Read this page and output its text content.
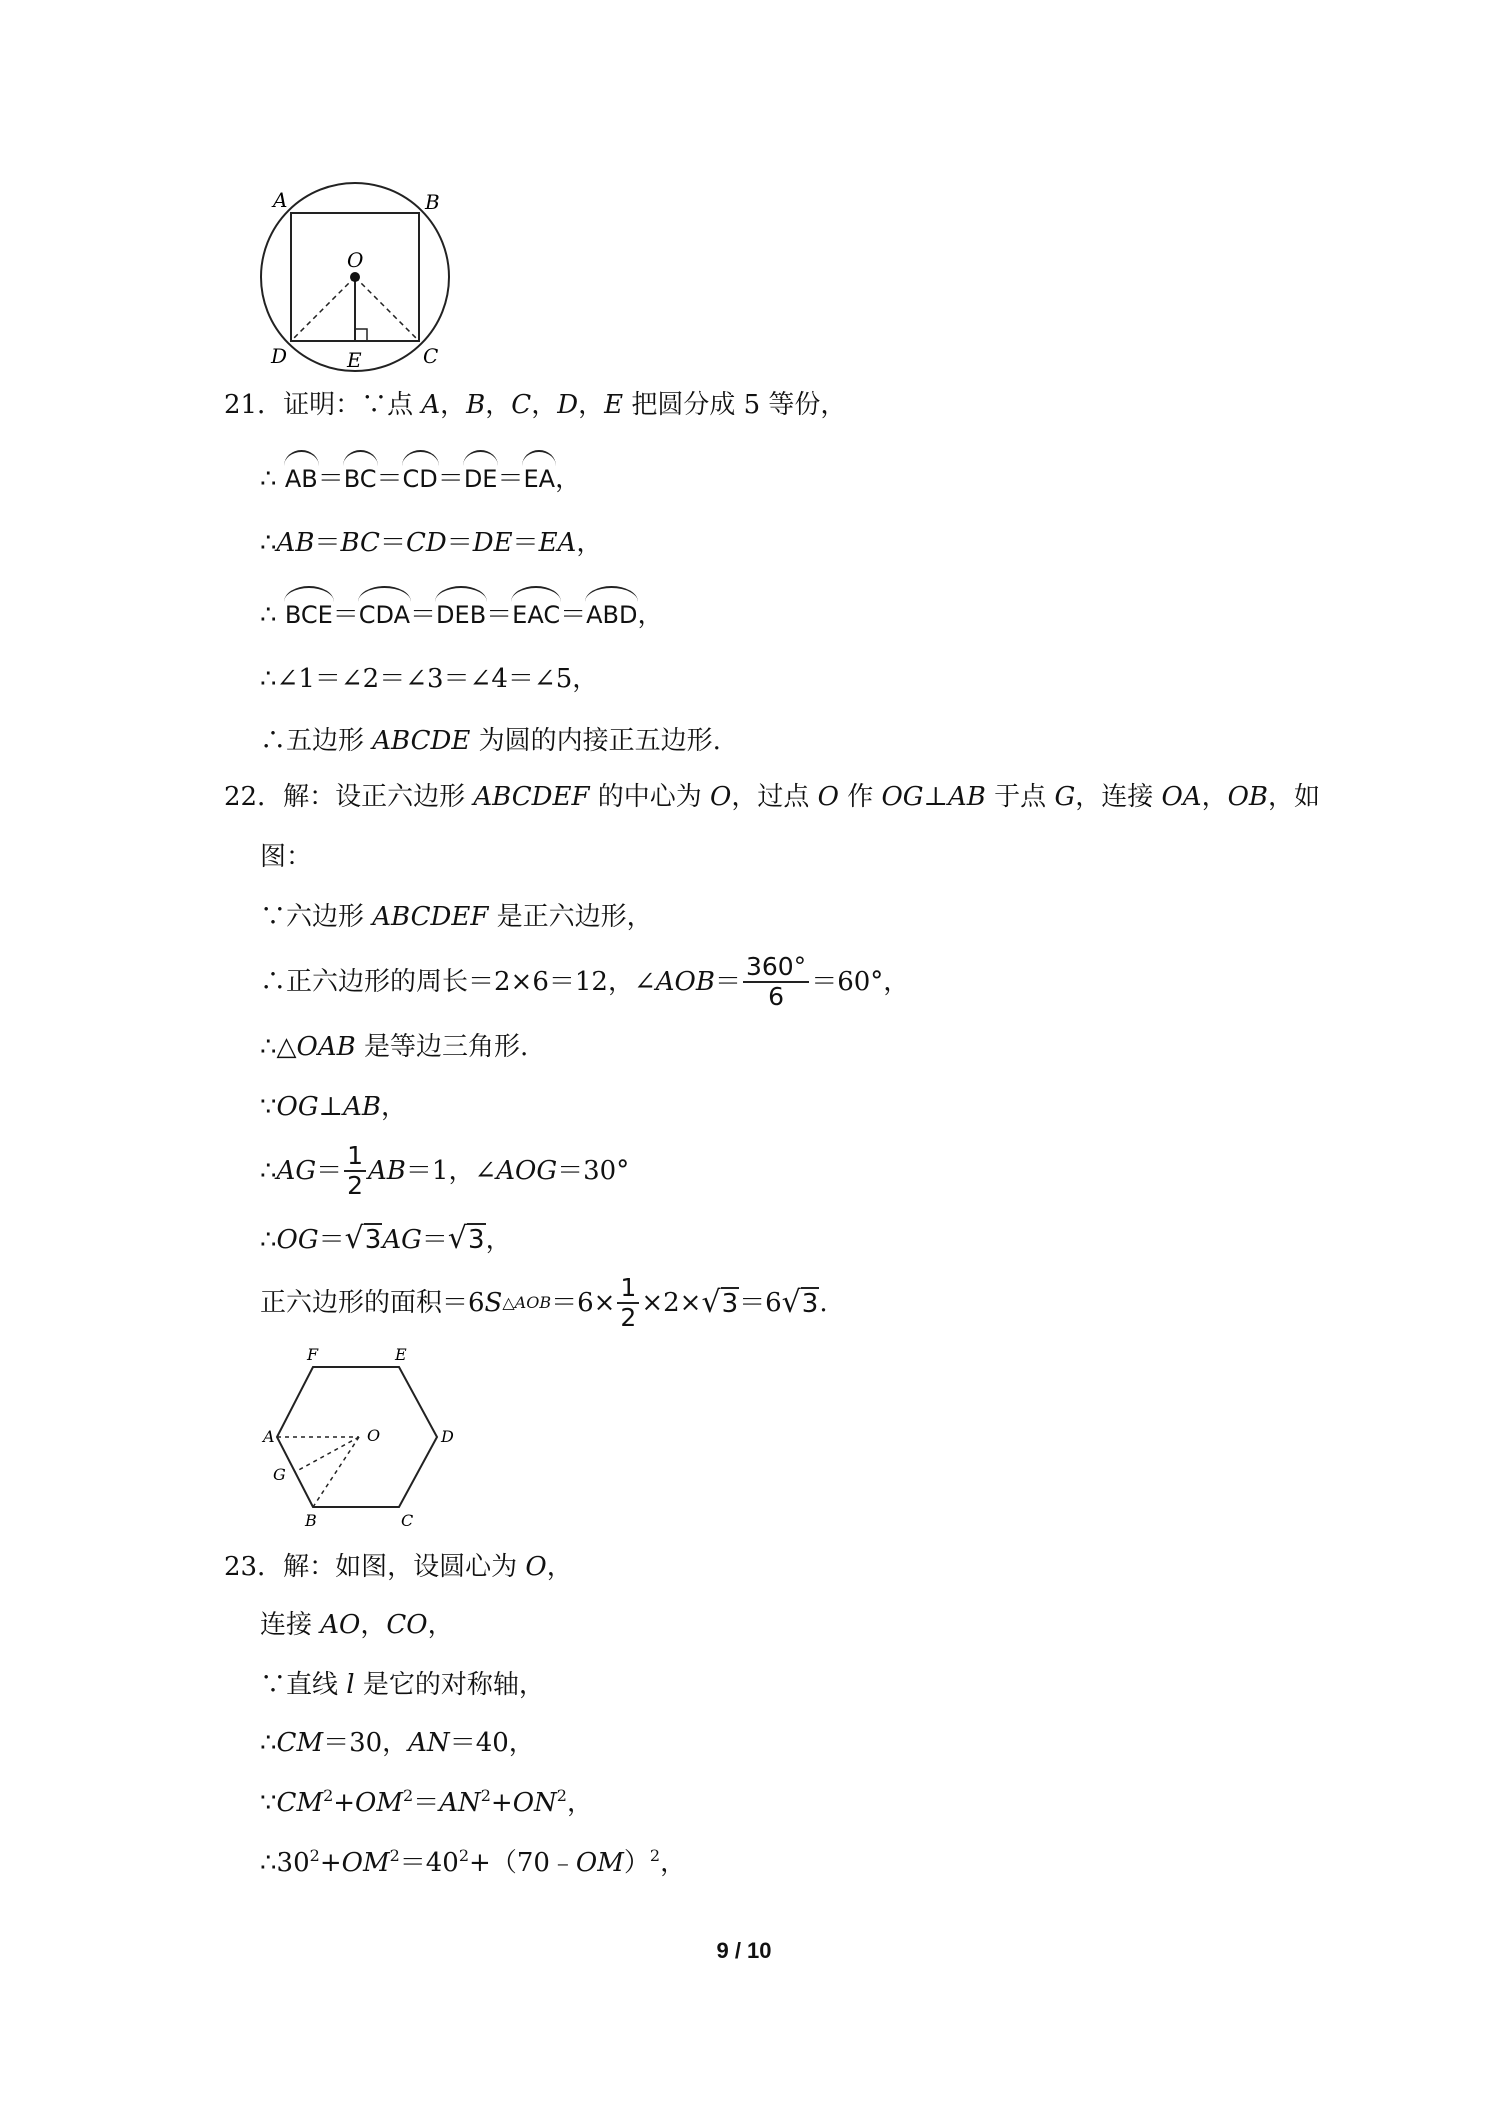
A	B
O
D	E	C
21．证明：∵点 A，B，C，D，E 把圆分成 5 等份，
∴ AB＝BC＝CD＝DE＝EA，
∴AB＝BC＝CD＝DE＝EA，
∴ BCE＝CDA＝DEB＝EAC＝ABD，
∴∠1＝∠2＝∠3＝∠4＝∠5，
∴五边形 ABCDE 为圆的内接正五边形.
22．解：设正六边形 ABCDEF 的中心为 O，过点 O 作 OG⊥AB 于点 G，连接 OA，OB，如
图：
∵六边形 ABCDEF 是正六边形，
∴正六边形的周长＝2×6＝12，∠ AOB ＝ $\frac{360^\circ}{6} =60^\circ$，
∴△OAB 是等边三角形.
∵OG⊥AB，
∴ AG ＝ $\frac{1}{2}$ AB ＝1，∠ AOG ＝30°
∴OG＝√3AG＝√3，
正六边形的面积＝6 S △AOB $=6\times \frac{1}{2} \times 2\times √3 =6$ √3 .
F	E
A	O	D
G
B	C
23．解：如图，设圆心为 O，
连接 AO，CO，
∵直线 l 是它的对称轴，
∴CM＝30，AN＝40，
$\because CM^2+OM^2=AN^2+ON^2$，
$\therefore 30^2+OM^2=40^2+(70﹣OM)^2$，
9 / 10
